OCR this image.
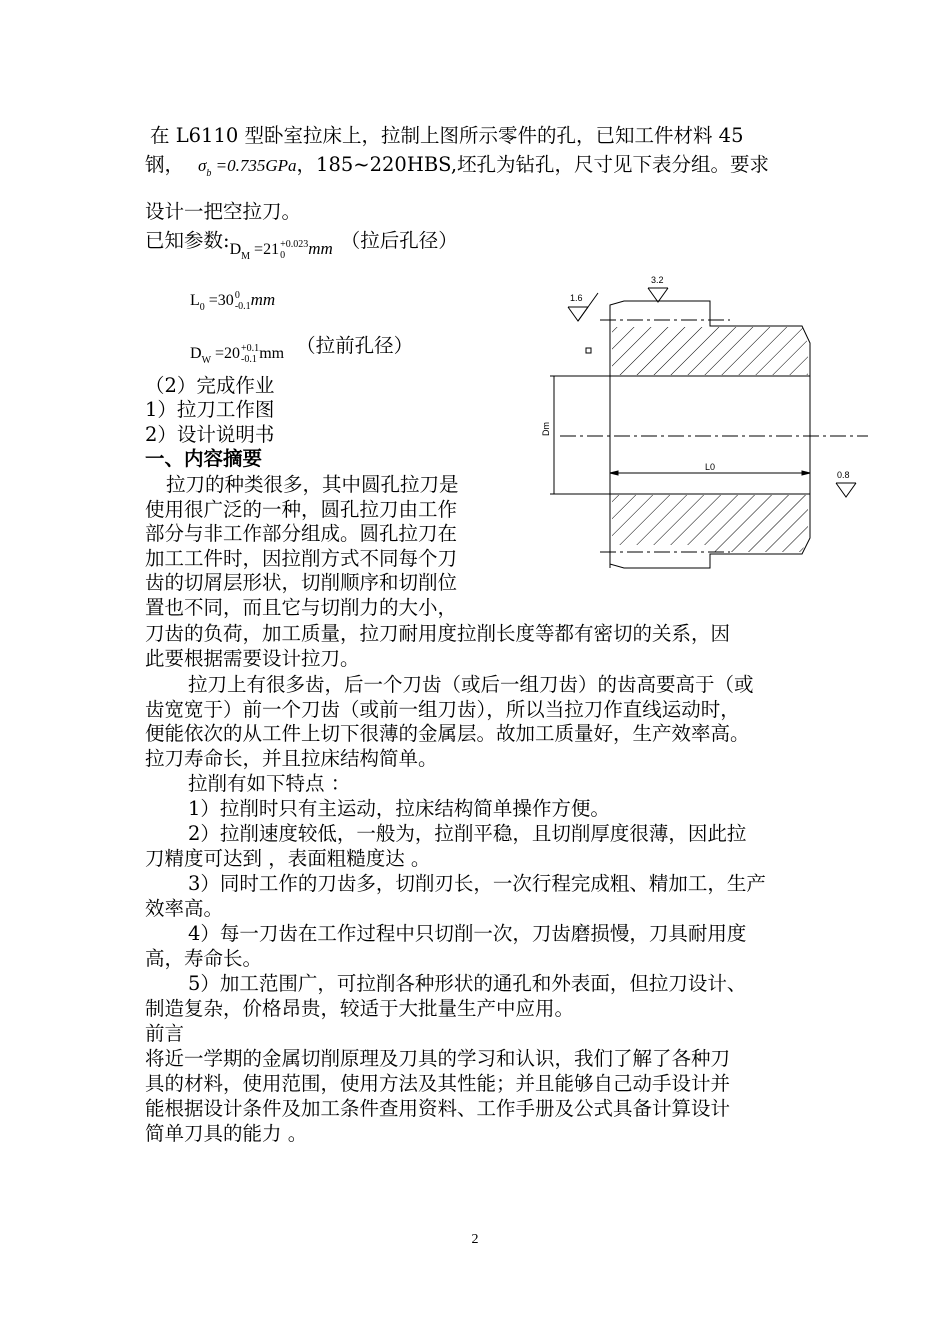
在 L6110 型卧室拉床上，拉制上图所示零件的孔，已知工件材料 45
钢， $\sigma_b =0.735GPa$，185~220HBS,坯孔为钻孔，尺寸见下表分组。要求
设计一把空拉刀。
已知参数$:_{D_M =21+0.023 0 mm}$ （拉后孔径）
$L_0 =300$
-0.1mm
$_{D_W =20+0.1 -0.1 mm}$ （拉前孔径）
（2）完成作业
1）拉刀工作图
2）设计说明书
一、内容摘要
拉刀的种类很多，其中圆孔拉刀是
使用很广泛的一种，圆孔拉刀由工作
部分与非工作部分组成。圆孔拉刀在
加工工件时，因拉削方式不同每个刀
齿的切屑层形状，切削顺序和切削位
置也不同，而且它与切削力的大小，
刀齿的负荷，加工质量，拉刀耐用度拉削长度等都有密切的关系，因
此要根据需要设计拉刀。
拉刀上有很多齿，后一个刀齿（或后一组刀齿）的齿高要高于（或
齿宽宽于）前一个刀齿（或前一组刀齿），所以当拉刀作直线运动时，
便能依次的从工件上切下很薄的金属层。故加工质量好，生产效率高。
拉刀寿命长，并且拉床结构简单。
拉削有如下特点 ：
1）拉削时只有主运动，拉床结构简单操作方便。
2）拉削速度较低，一般为，拉削平稳，且切削厚度很薄，因此拉
刀精度可达到 ，表面粗糙度达 。
3）同时工作的刀齿多，切削刃长，一次行程完成粗、精加工，生产
效率高。
4）每一刀齿在工作过程中只切削一次，刀齿磨损慢，刀具耐用度
高，寿命长。
5）加工范围广，可拉削各种形状的通孔和外表面，但拉刀设计、
制造复杂，价格昂贵，较适于大批量生产中应用。
前言
将近一学期的金属切削原理及刀具的学习和认识，我们了解了各种刀
具的材料，使用范围，使用方法及其性能；并且能够自己动手设计并
能根据设计条件及加工条件查用资料、工作手册及公式具备计算设计
简单刀具的能力 。
Dm
L0
3.2
1.6
0.8
2
